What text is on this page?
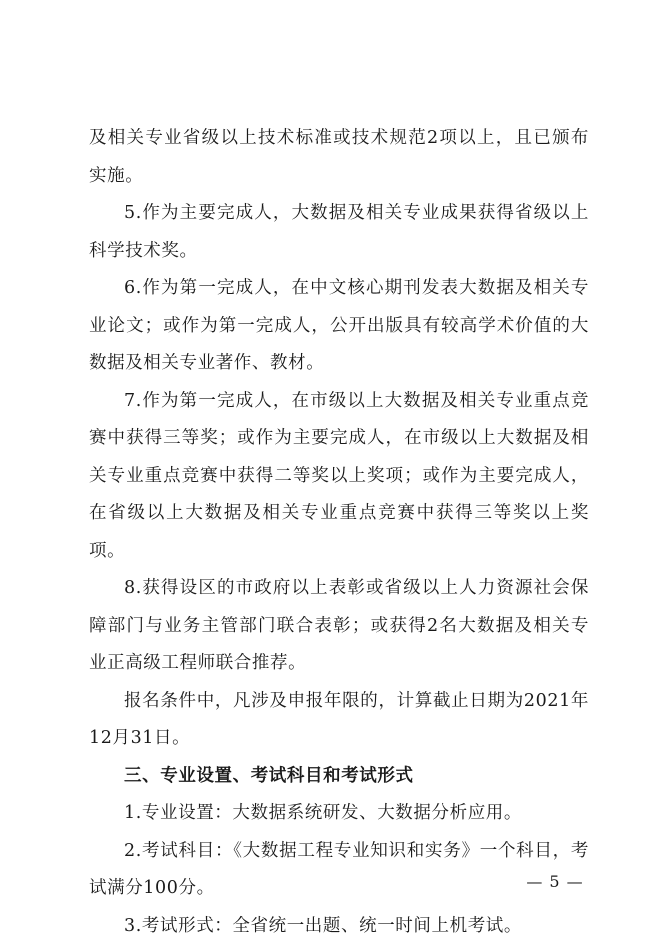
及相关专业省级以上技术标准或技术规范2项以上，且已颁布实施。

5.作为主要完成人，大数据及相关专业成果获得省级以上科学技术奖。

6.作为第一完成人，在中文核心期刊发表大数据及相关专业论文；或作为第一完成人，公开出版具有较高学术价值的大数据及相关专业著作、教材。

7.作为第一完成人，在市级以上大数据及相关专业重点竞赛中获得三等奖；或作为主要完成人，在市级以上大数据及相关专业重点竞赛中获得二等奖以上奖项；或作为主要完成人，在省级以上大数据及相关专业重点竞赛中获得三等奖以上奖项。

8.获得设区的市政府以上表彰或省级以上人力资源社会保障部门与业务主管部门联合表彰；或获得2名大数据及相关专业正高级工程师联合推荐。

报名条件中，凡涉及申报年限的，计算截止日期为2021年12月31日。

三、专业设置、考试科目和考试形式

1.专业设置：大数据系统研发、大数据分析应用。

2.考试科目：《大数据工程专业知识和实务》一个科目，考试满分100分。

3.考试形式：全省统一出题、统一时间上机考试。

— 5 —
